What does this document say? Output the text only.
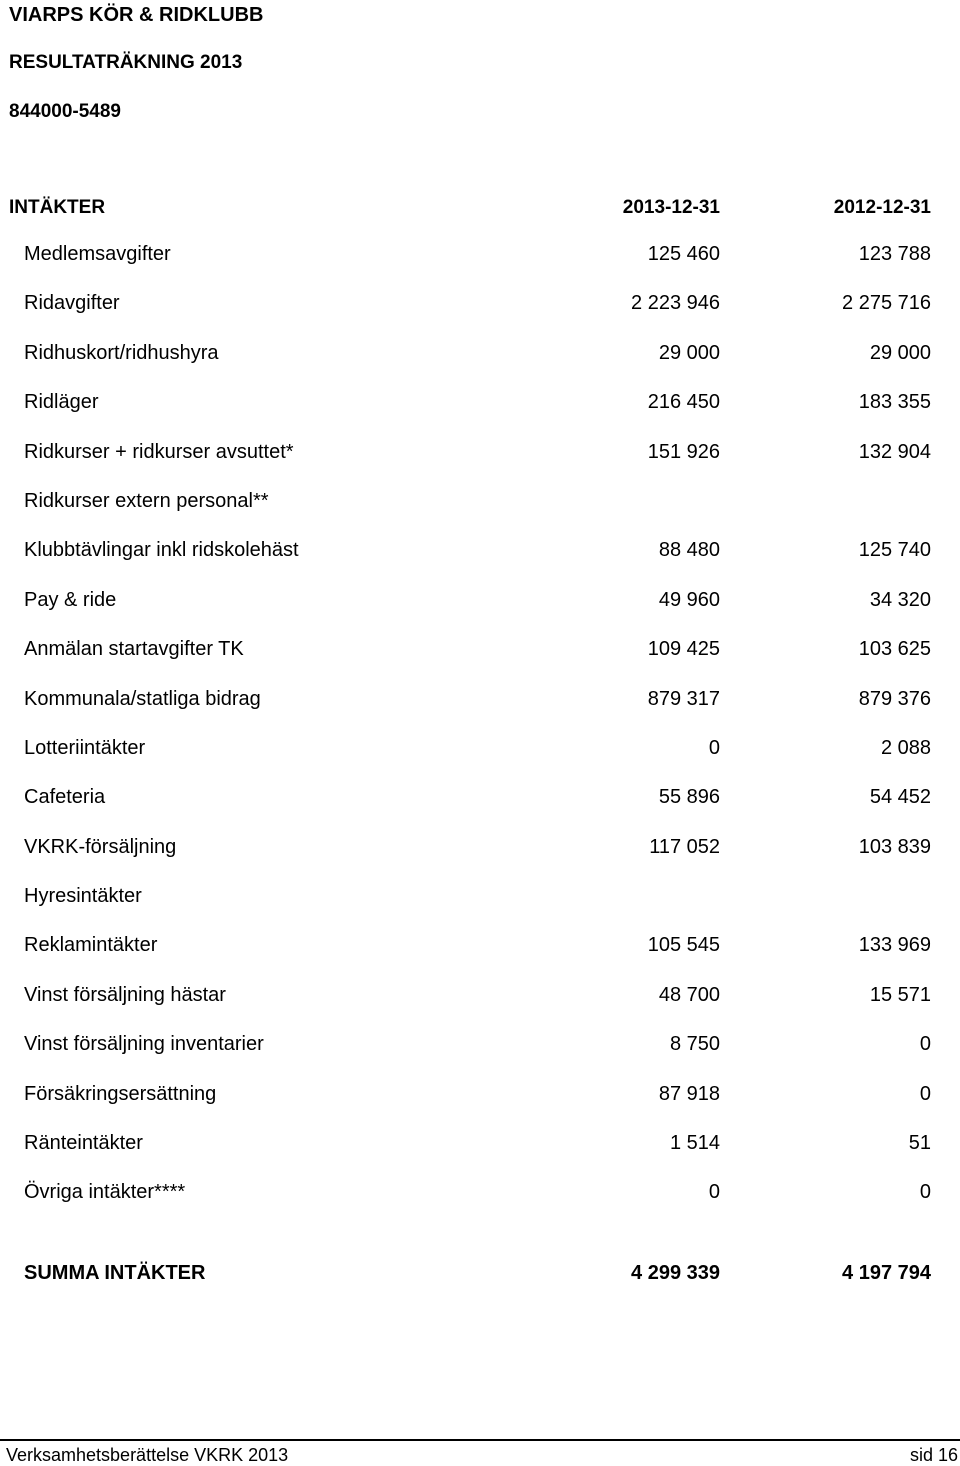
VIARPS KÖR & RIDKLUBB
RESULTATRÄKNING 2013
844000-5489
INTÄKTER	2013-12-31	2012-12-31
Medlemsavgifter	125 460	123 788
Ridavgifter	2 223 946	2 275 716
Ridhuskort/ridhushyra	29 000	29 000
Ridläger	216 450	183 355
Ridkurser + ridkurser avsuttet*	151 926	132 904
Ridkurser extern personal**
Klubbtävlingar inkl ridskolehäst	88 480	125 740
Pay & ride	49 960	34 320
Anmälan startavgifter TK	109 425	103 625
Kommunala/statliga bidrag	879 317	879 376
Lotteriintäkter	0	2 088
Cafeteria	55 896	54 452
VKRK-försäljning	117 052	103 839
Hyresintäkter
Reklamintäkter	105 545	133 969
Vinst försäljning hästar	48 700	15 571
Vinst försäljning inventarier	8 750	0
Försäkringsersättning	87 918	0
Ränteintäkter	1 514	51
Övriga intäkter****	0	0
SUMMA INTÄKTER	4 299 339	4 197 794
Verksamhetsberättelse VKRK 2013	sid 16
